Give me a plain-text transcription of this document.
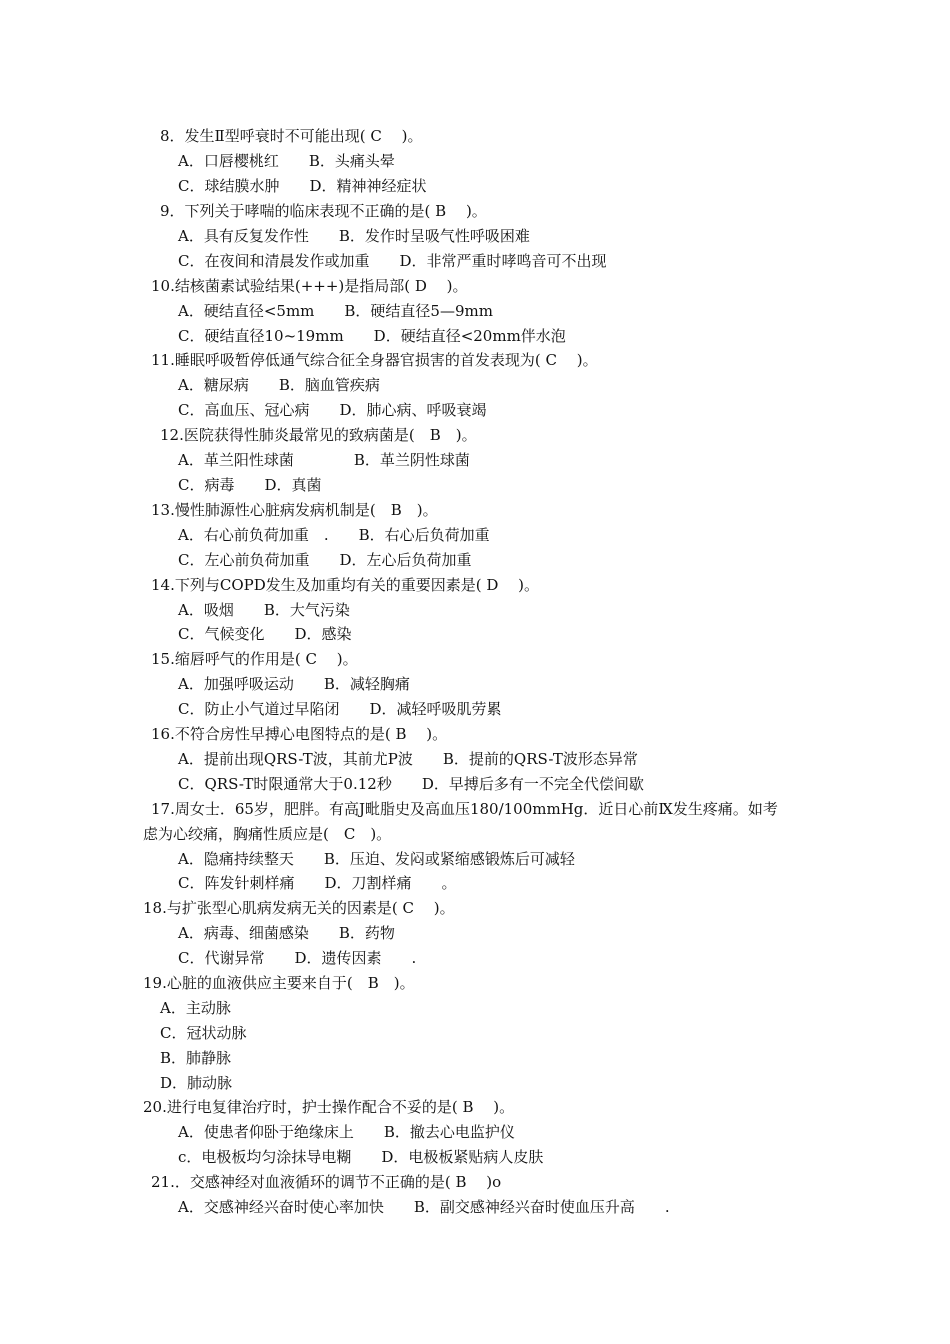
8．发生Ⅱ型呼衰时不可能出现( C　 )。
A．口唇樱桃红　　B．头痛头晕
C．球结膜水肿　　D．精神神经症状
9．下列关于哮喘的临床表现不正确的是( B　 )。
A．具有反复发作性　　B．发作时呈吸气性呼吸困难
C．在夜间和清晨发作或加重　　D．非常严重时哮鸣音可不出现
10.结核菌素试验结果(+++)是指局部( D　 )。
A．硬结直径<5mm　　B．硬结直径5—9mm
C．硬结直径10~19mm　　D．硬结直径<20mm伴水泡
11.睡眠呼吸暂停低通气综合征全身器官损害的首发表现为( C　 )。
A．糖尿病　　B．脑血管疾病
C．高血压、冠心病　　D．肺心病、呼吸衰竭
12.医院获得性肺炎最常见的致病菌是(　B　)。
A．革兰阳性球菌　　　　B．革兰阴性球菌
C．病毒　　D．真菌
13.慢性肺源性心脏病发病机制是(　B　)。
A．右心前负荷加重　.　　B．右心后负荷加重
C．左心前负荷加重　　D．左心后负荷加重
14.下列与COPD发生及加重均有关的重要因素是( D　 )。
A．吸烟　　B．大气污染
C．气候变化　　D．感染
15.缩唇呼气的作用是( C　 )。
A．加强呼吸运动　　B．减轻胸痛
C．防止小气道过早陷闭　　D．减轻呼吸肌劳累
16.不符合房性早搏心电图特点的是( B　 )。
A．提前出现QRS-T波，其前尤P波　　B．提前的QRS-T波形态异常
C．QRS-T时限通常大于0.12秒　　D．早搏后多有一不完全代偿间歇
17.周女士．65岁，肥胖。有高J毗脂史及高血压180/100mmHg．近日心前Ⅸ发生疼痛。如考
虑为心绞痛，胸痛性质应是(　C　)。
A．隐痛持续整天　　B．压迫、发闷或紧缩感锻炼后可减轻
C．阵发针刺样痛　　D．刀割样痛　　。
18.与扩张型心肌病发病无关的因素是( C　 )。
A．病毒、细菌感染　　B．药物
C．代谢异常　　D．遗传因素　　.
19.心脏的血液供应主要来自于(　B　)。
A．主动脉
C．冠状动脉
B．肺静脉
D．肺动脉
20.进行电复律治疗时，护士操作配合不妥的是( B　 )。
A．使患者仰卧于绝缘床上　　B．撤去心电监护仪
c．电极板均匀涂抹导电糊　　D．电极板紧贴病人皮肤
21.．交感神经对血液循环的调节不正确的是( B　 )o
A．交感神经兴奋时使心率加快　　B．副交感神经兴奋时使血压升高　　.
